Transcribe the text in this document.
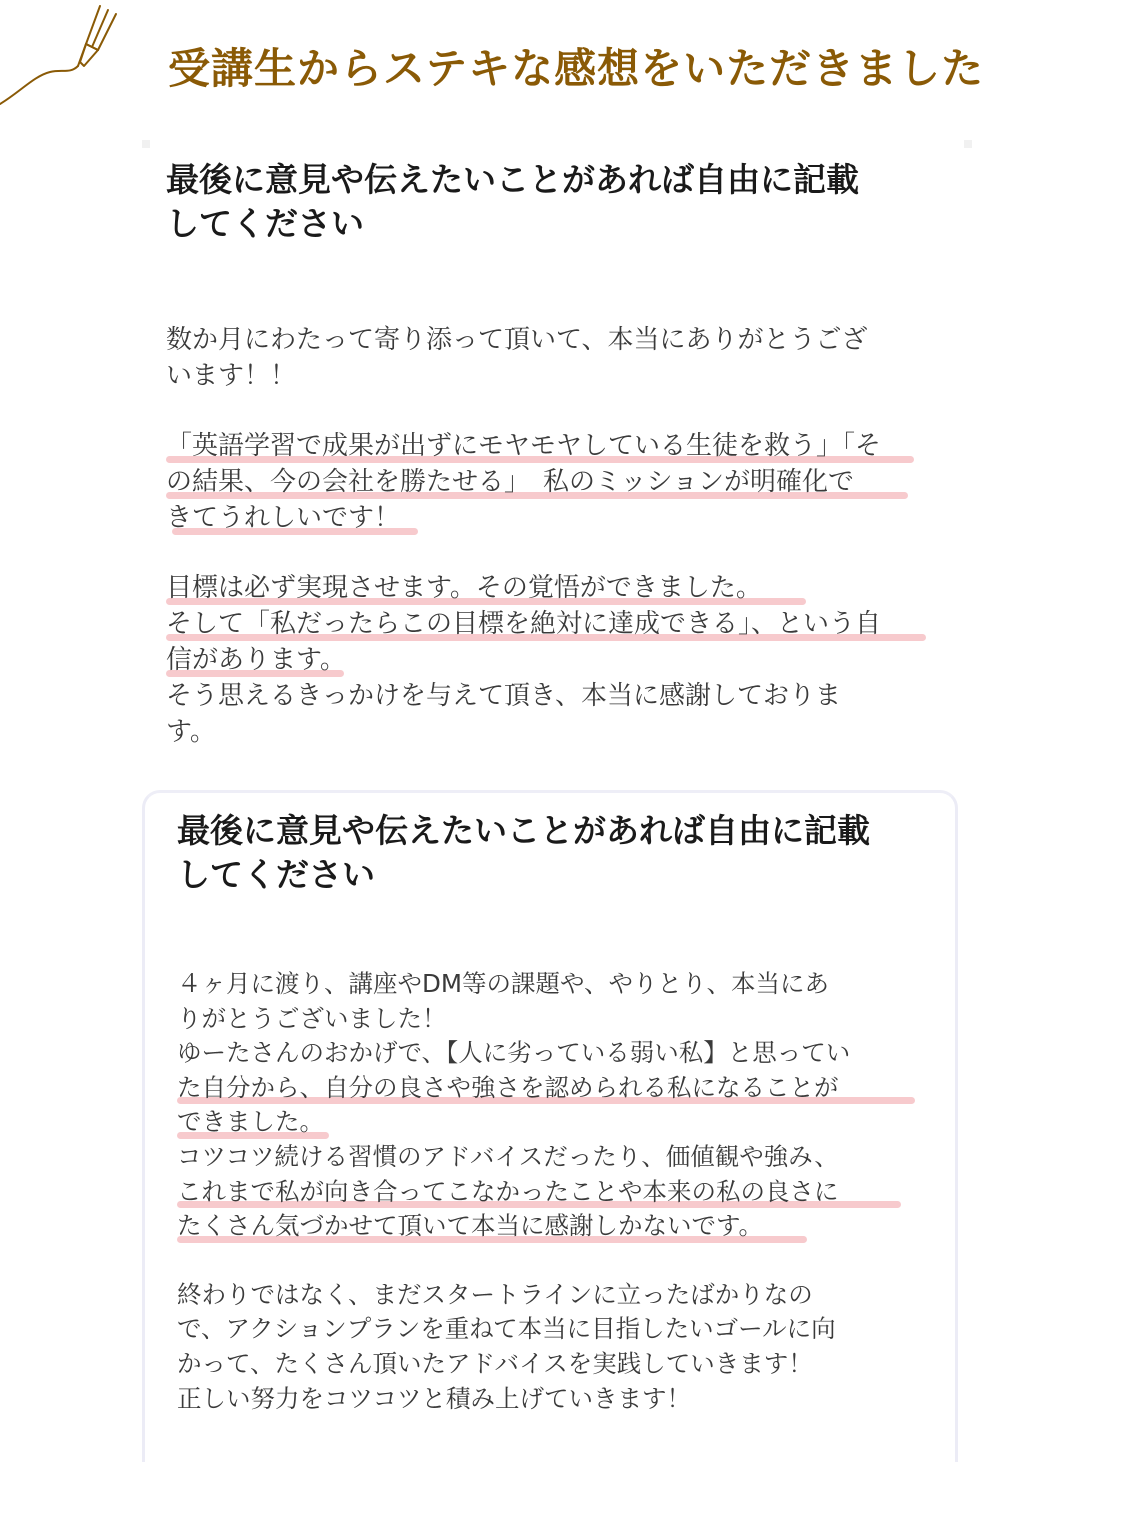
受講生からステキな感想をいただきました
最後に意見や伝えたいことがあれば自由に記載
してください
数か月にわたって寄り添って頂いて、本当にありがとうござ
います！！
「英語学習で成果が出ずにモヤモヤしている生徒を救う」「そ
の結果、今の会社を勝たせる」　私のミッションが明確化で
きてうれしいです！
目標は必ず実現させます。その覚悟ができました。
そして「私だったらこの目標を絶対に達成できる」、という自
信があります。
そう思えるきっかけを与えて頂き、本当に感謝しておりま
す。
最後に意見や伝えたいことがあれば自由に記載
してください
４ヶ月に渡り、講座やDM等の課題や、やりとり、本当にあ
りがとうございました！
ゆーたさんのおかげで、【人に劣っている弱い私】と思ってい
た自分から、自分の良さや強さを認められる私になることが
できました。
コツコツ続ける習慣のアドバイスだったり、価値観や強み、
これまで私が向き合ってこなかったことや本来の私の良さに
たくさん気づかせて頂いて本当に感謝しかないです。
終わりではなく、まだスタートラインに立ったばかりなの
で、アクションプランを重ねて本当に目指したいゴールに向
かって、たくさん頂いたアドバイスを実践していきます！
正しい努力をコツコツと積み上げていきます！
